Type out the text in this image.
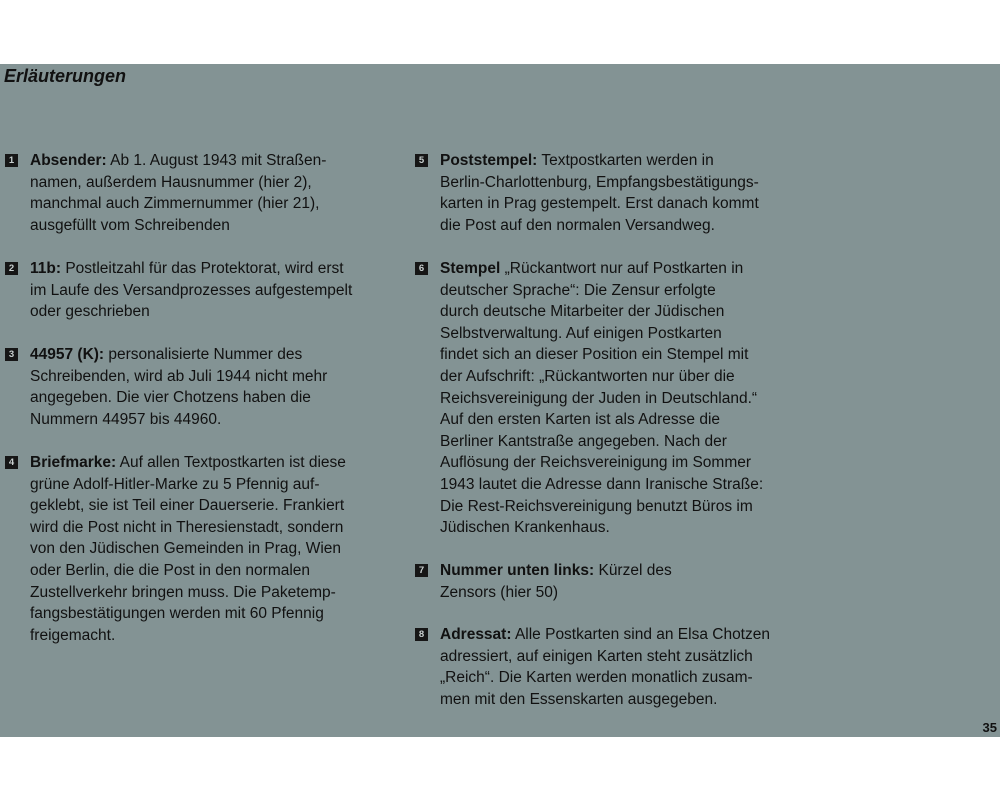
Erläuterungen
1 Absender: Ab 1. August 1943 mit Straßen-
namen, außerdem Hausnummer (hier 2),
manchmal auch Zimmernummer (hier 21),
ausgefüllt vom Schreibenden
2 11b: Postleitzahl für das Protektorat, wird erst
im Laufe des Versandprozesses aufgestempelt
oder geschrieben
3 44957 (K): personalisierte Nummer des
Schreibenden, wird ab Juli 1944 nicht mehr
angegeben. Die vier Chotzens haben die
Nummern 44957 bis 44960.
4 Briefmarke: Auf allen Textpostkarten ist diese
grüne Adolf-Hitler-Marke zu 5 Pfennig auf-
geklebt, sie ist Teil einer Dauerserie. Frankiert
wird die Post nicht in Theresienstadt, sondern
von den Jüdischen Gemeinden in Prag, Wien
oder Berlin, die die Post in den normalen
Zustellverkehr bringen muss. Die Paketemp-
fangsbestätigungen werden mit 60 Pfennig
freigemacht.
5 Poststempel: Textpostkarten werden in
Berlin-Charlottenburg, Empfangsbestätigungs-
karten in Prag gestempelt. Erst danach kommt
die Post auf den normalen Versandweg.
6 Stempel „Rückantwort nur auf Postkarten in
deutscher Sprache“: Die Zensur erfolgte
durch deutsche Mitarbeiter der Jüdischen
Selbstverwaltung. Auf einigen Postkarten
findet sich an dieser Position ein Stempel mit
der Aufschrift: „Rückantworten nur über die
Reichsvereinigung der Juden in Deutschland.“
Auf den ersten Karten ist als Adresse die
Berliner Kantstraße angegeben. Nach der
Auflösung der Reichsvereinigung im Sommer
1943 lautet die Adresse dann Iranische Straße:
Die Rest-Reichsvereinigung benutzt Büros im
Jüdischen Krankenhaus.
7 Nummer unten links: Kürzel des
Zensors (hier 50)
8 Adressat: Alle Postkarten sind an Elsa Chotzen
adressiert, auf einigen Karten steht zusätzlich
„Reich“. Die Karten werden monatlich zusam-
men mit den Essenskarten ausgegeben.
35
